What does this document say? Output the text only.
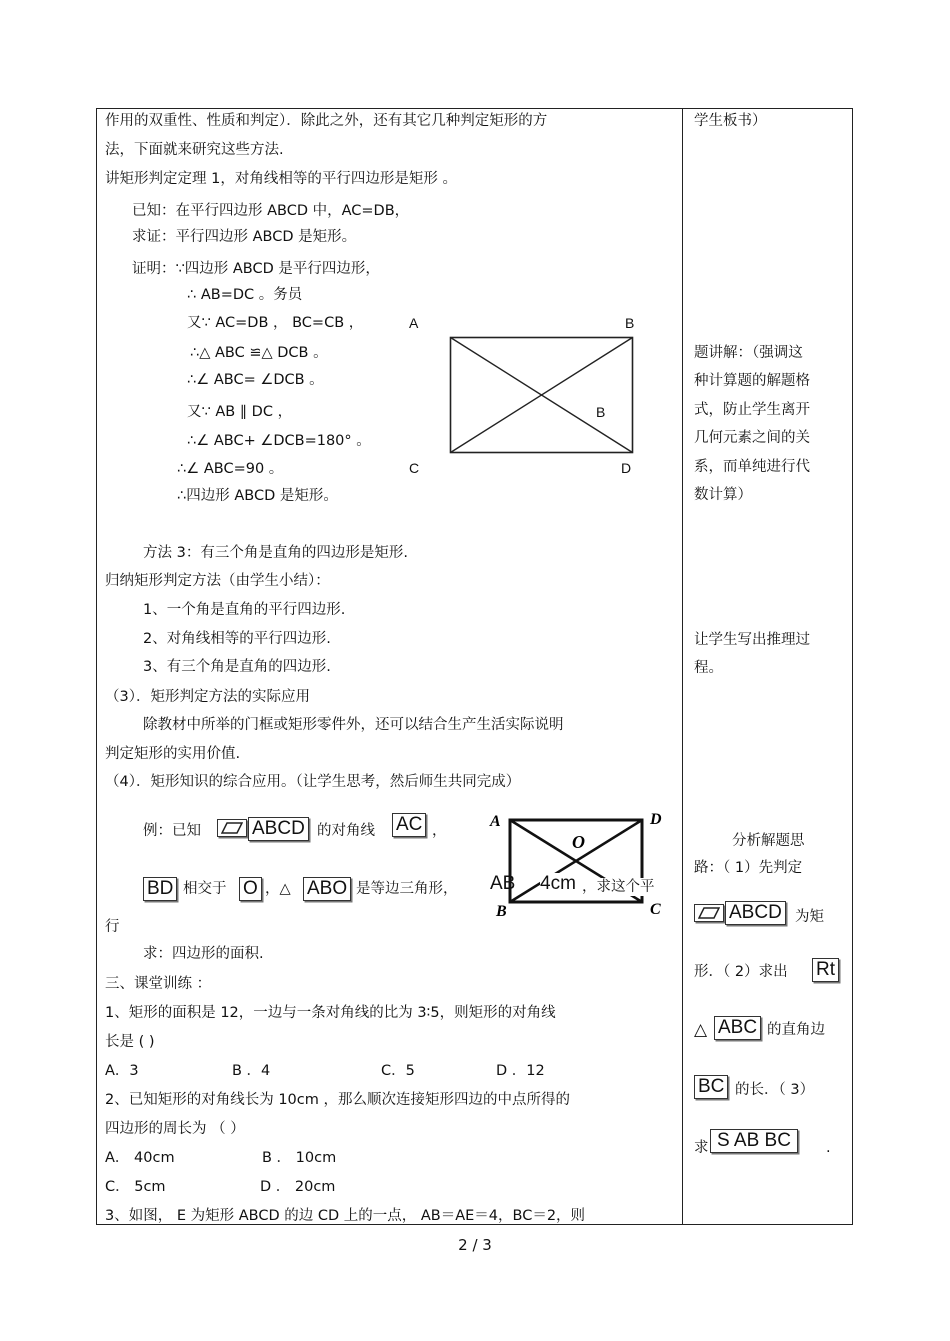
作用的双重性、性质和判定）．除此之外，还有其它几种判定矩形的方
法，下面就来研究这些方法.
讲矩形判定定理 1，对角线相等的平行四边形是矩形 。
已知：在平行四边形 ABCD 中，AC=DB，
求证：平行四边形 ABCD 是矩形。
证明：∵四边形 ABCD 是平行四边形，
∴ AB=DC 。务员
又∵ AC=DB ， BC=CB ，
∴△ ABC ≌△ DCB 。
∴∠ ABC= ∠DCB 。
又∵ AB ∥ DC ，
∴∠ ABC+ ∠DCB=180° 。
∴∠ ABC=90 。
∴四边形 ABCD 是矩形。
A	B
B
C	D
方法 3：有三个角是直角的四边形是矩形.
归纳矩形判定方法（由学生小结）：
1、一个角是直角的平行四边形.
2、对角线相等的平行四边形.
3、有三个角是直角的四边形.
（3）．矩形判定方法的实际应用
除教材中所举的门框或矩形零件外，还可以结合生产生活实际说明
判定矩形的实用价值.
（4）．矩形知识的综合应用。（让学生思考，然后师生共同完成）
例：已知	ABCD 的对角线 AC ，
BD 相交于 O ，△ ABO 是等边三角形，
行
求：四边形的面积.
A	D
O
B	C
AB 4cm ，求这个平
三、课堂训练 ：
1、矩形的面积是 12，一边与一条对角线的比为 3∶5，则矩形的对角线
长是 ( )
A．3	B ．4	C．5	D ．12
2、已知矩形的对角线长为 10cm ，那么顺次连接矩形四边的中点所得的
四边形的周长为 （ ）
A． 40cm	B ． 10cm
C． 5cm	D ． 20cm
3、如图， E 为矩形 ABCD 的边 CD 上的一点， AB＝AE＝4，BC＝2，则
学生板书）
题讲解：（强调这
种计算题的解题格
式，防止学生离开
几何元素之间的关
系，而单纯进行代
数计算）
让学生写出推理过
程。
分析解题思
路：（ 1）先判定
ABCD 为矩
形．（ 2）求出 Rt
△ ABC 的直角边
BC 的长．（ 3）
求 S AB BC	.
2 / 3
